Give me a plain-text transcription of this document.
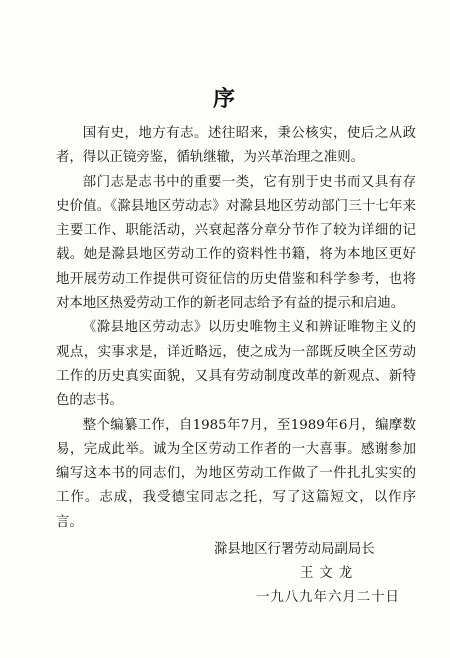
序

国有史，地方有志。述往昭来，秉公核实，使后之从政者，得以正镜旁鉴，循轨继辙，为兴革治理之准则。

部门志是志书中的重要一类，它有别于史书而又具有存史价值。《滁县地区劳动志》对滁县地区劳动部门三十七年来主要工作、职能活动，兴衰起落分章分节作了较为详细的记载。她是滁县地区劳动工作的资料性书籍，将为本地区更好地开展劳动工作提供可资征信的历史借鉴和科学参考，也将对本地区热爱劳动工作的新老同志给予有益的提示和启迪。

《滁县地区劳动志》以历史唯物主义和辨证唯物主义的观点，实事求是，详近略远，使之成为一部既反映全区劳动工作的历史真实面貌，又具有劳动制度改革的新观点、新特色的志书。

整个编纂工作，自1985年7月，至1989年6月，编摩数易，完成此举。诚为全区劳动工作者的一大喜事。感谢参加编写这本书的同志们，为地区劳动工作做了一件扎扎实实的工作。志成，我受德宝同志之托，写了这篇短文，以作序言。

滁县地区行署劳动局副局长
王文龙
一九八九年六月二十日
